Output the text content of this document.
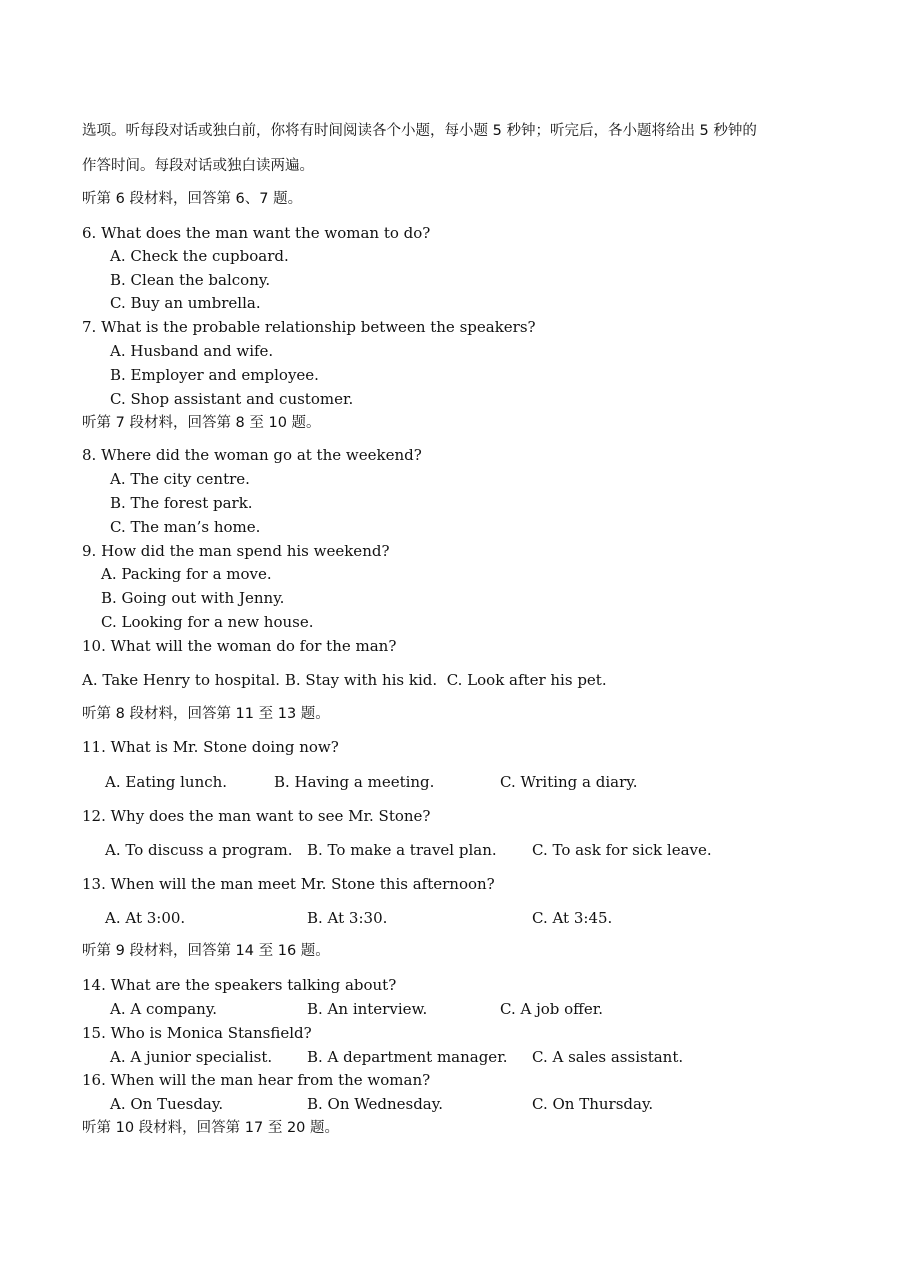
选项。听每段对话或独白前，你将有时间阅读各个小题，每小题 5 秒钟；听完后，各小题将给出 5 秒钟的
作答时间。每段对话或独白读两遍。
听第 6 段材料，回答第 6、7 题。
6. What does the man want the woman to do?
A. Check the cupboard.
B. Clean the balcony.
C. Buy an umbrella.
7. What is the probable relationship between the speakers?
A. Husband and wife.
B. Employer and employee.
C. Shop assistant and customer.
听第 7 段材料，回答第 8 至 10 题。
8. Where did the woman go at the weekend?
A. The city centre.
B. The forest park.
C. The man’s home.
9. How did the man spend his weekend?
A. Packing for a move.
B. Going out with Jenny.
C. Looking for a new house.
10. What will the woman do for the man?
A. Take Henry to hospital. B. Stay with his kid.  C. Look after his pet.
听第 8 段材料，回答第 11 至 13 题。
11. What is Mr. Stone doing now?
A. Eating lunch.	B. Having a meeting.	C. Writing a diary.
12. Why does the man want to see Mr. Stone?
A. To discuss a program. B. To make a travel plan. C. To ask for sick leave.
13. When will the man meet Mr. Stone this afternoon?
A. At 3:00.	B. At 3:30.	C. At 3:45.
听第 9 段材料，回答第 14 至 16 题。
14. What are the speakers talking about?
A. A company.	B. An interview.	C. A job offer.
15. Who is Monica Stansfield?
A. A junior specialist. B. A department manager. C. A sales assistant.
16. When will the man hear from the woman?
A. On Tuesday.	B. On Wednesday.	C. On Thursday.
听第 10 段材料，回答第 17 至 20 题。
